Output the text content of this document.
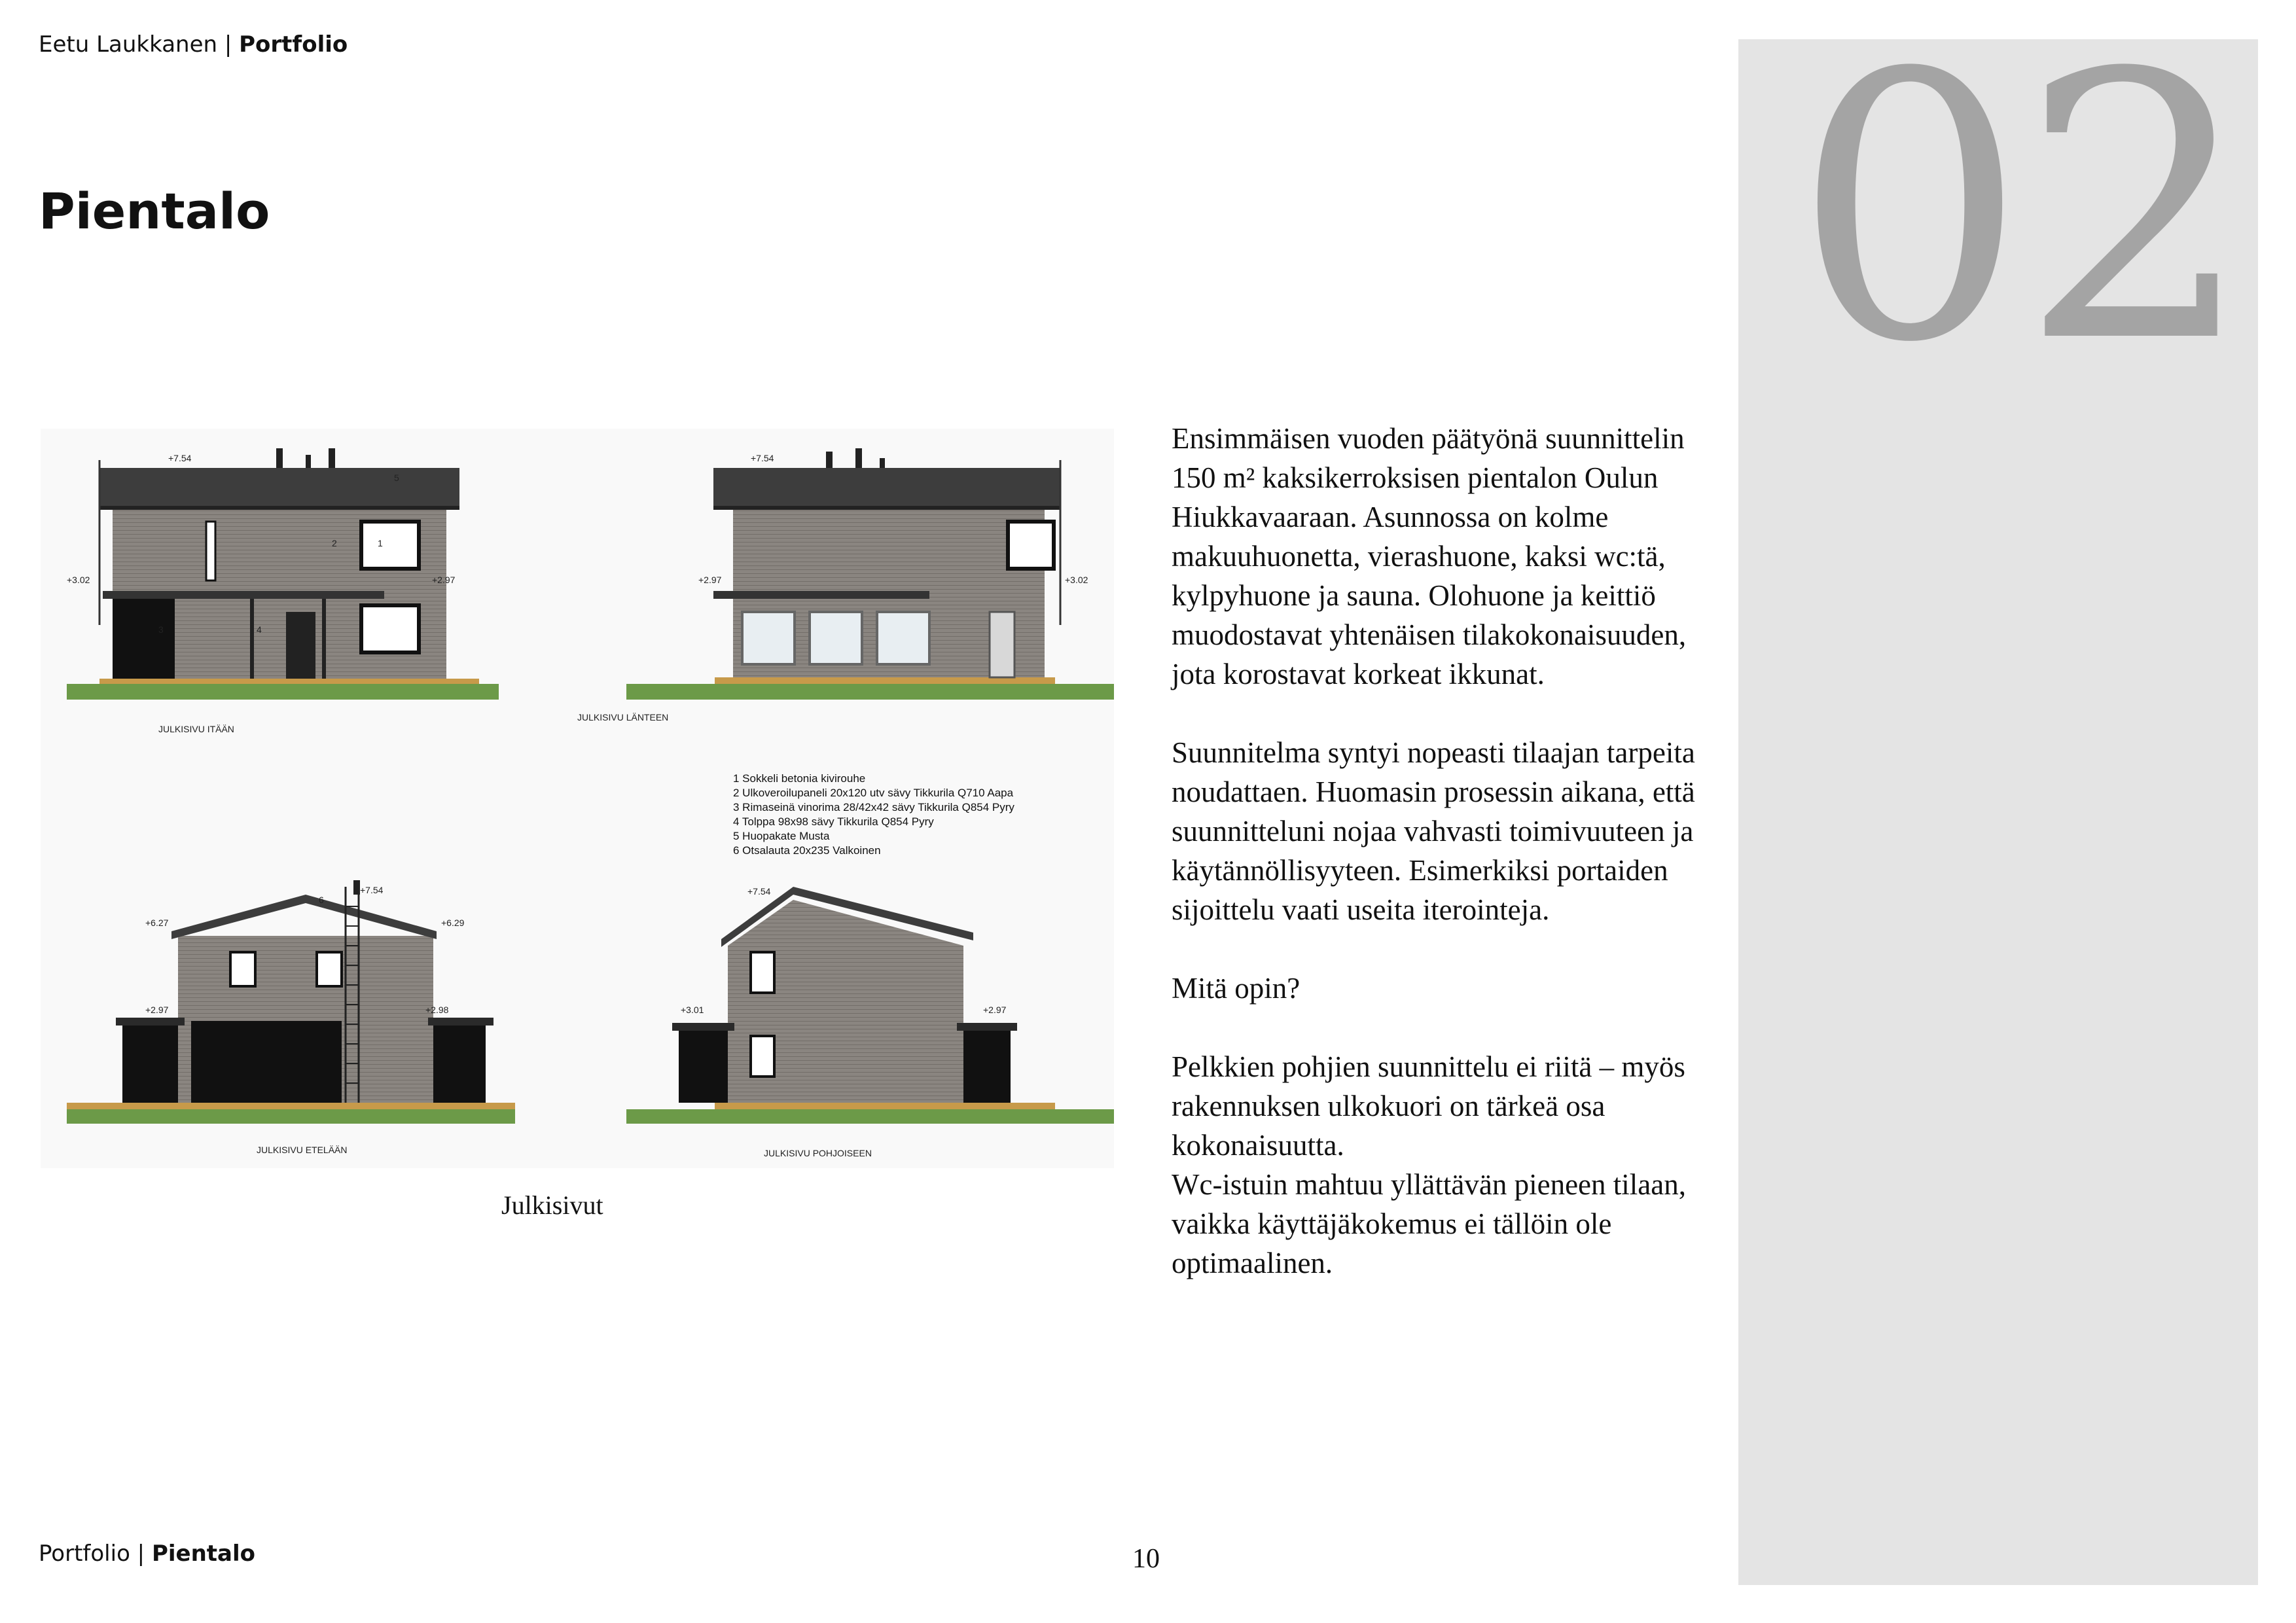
Eetu Laukkanen | Portfolio
Pientalo	02
+7.54
+3.02	+2.97
JULKISIVU ITÄÄN
+7.54
+2.97	+3.02
JULKISIVU LÄNTEEN
1 Sokkeli betonia kivirouhe
2 Ulkoveroilupaneli 20x120 utv sävy Tikkurila Q710 Aapa
3 Rimaseinä vinorima 28/42x42 sävy Tikkurila Q854 Pyry
4 Tolppa 98x98 sävy Tikkurila Q854 Pyry
5 Huopakate Musta
6 Otsalauta 20x235 Valkoinen
+7.54
+6.27	+6.29
+2.97	+2.98
JULKISIVU ETELÄÄN
+7.54
+3.01	+2.97
JULKISIVU POHJOISEEN
1
2
3	4
5
6
Julkisivut

Ensimmäisen vuoden päätyönä suunnittelin 150 m² kaksikerroksisen pientalon Oulun Hiukkavaaraan. Asunnossa on kolme makuuhuonetta, vierashuone, kaksi wc:tä, kylpyhuone ja sauna. Olohuone ja keittiö muodostavat yhtenäisen tilakokonaisuuden, jota korostavat korkeat ikkunat.

Suunnitelma syntyi nopeasti tilaajan tarpeita noudattaen. Huomasin prosessin aikana, että suunnitteluni nojaa vahvasti toimivuuteen ja käytännöllisyyteen. Esimerkiksi portaiden sijoittelu vaati useita iterointeja.

Mitä opin?

Pelkkien pohjien suunnittelu ei riitä – myös rakennuksen ulkokuori on tärkeä osa kokonaisuutta.

Wc-istuin mahtuu yllättävän pieneen tilaan, vaikka käyttäjäkokemus ei tällöin ole optimaalinen.

Portfolio | Pientalo	10
